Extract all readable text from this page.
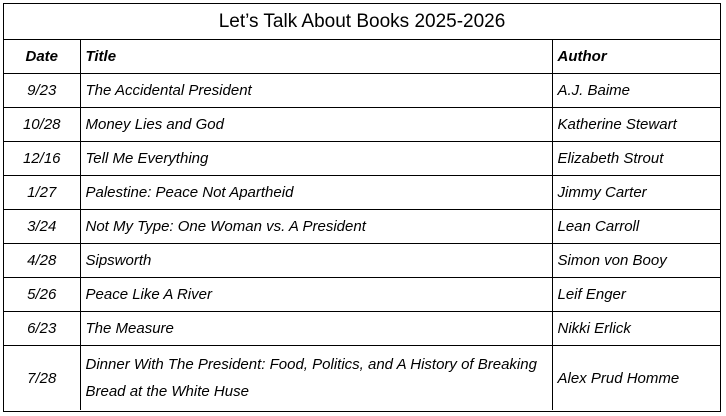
Let’s Talk About Books 2025-2026
Date	Title	Author
9/23	The Accidental President	A.J. Baime
10/28	Money Lies and God	Katherine Stewart
12/16	Tell Me Everything	Elizabeth Strout
1/27	Palestine: Peace Not Apartheid	Jimmy Carter
3/24	Not My Type: One Woman vs. A President	Lean Carroll
4/28	Sipsworth	Simon von Booy
5/26	Peace Like A River	Leif Enger
6/23	The Measure	Nikki Erlick
7/28	Dinner With The President: Food, Politics, and A History of Breaking Bread at the White Huse	Alex Prud Homme
